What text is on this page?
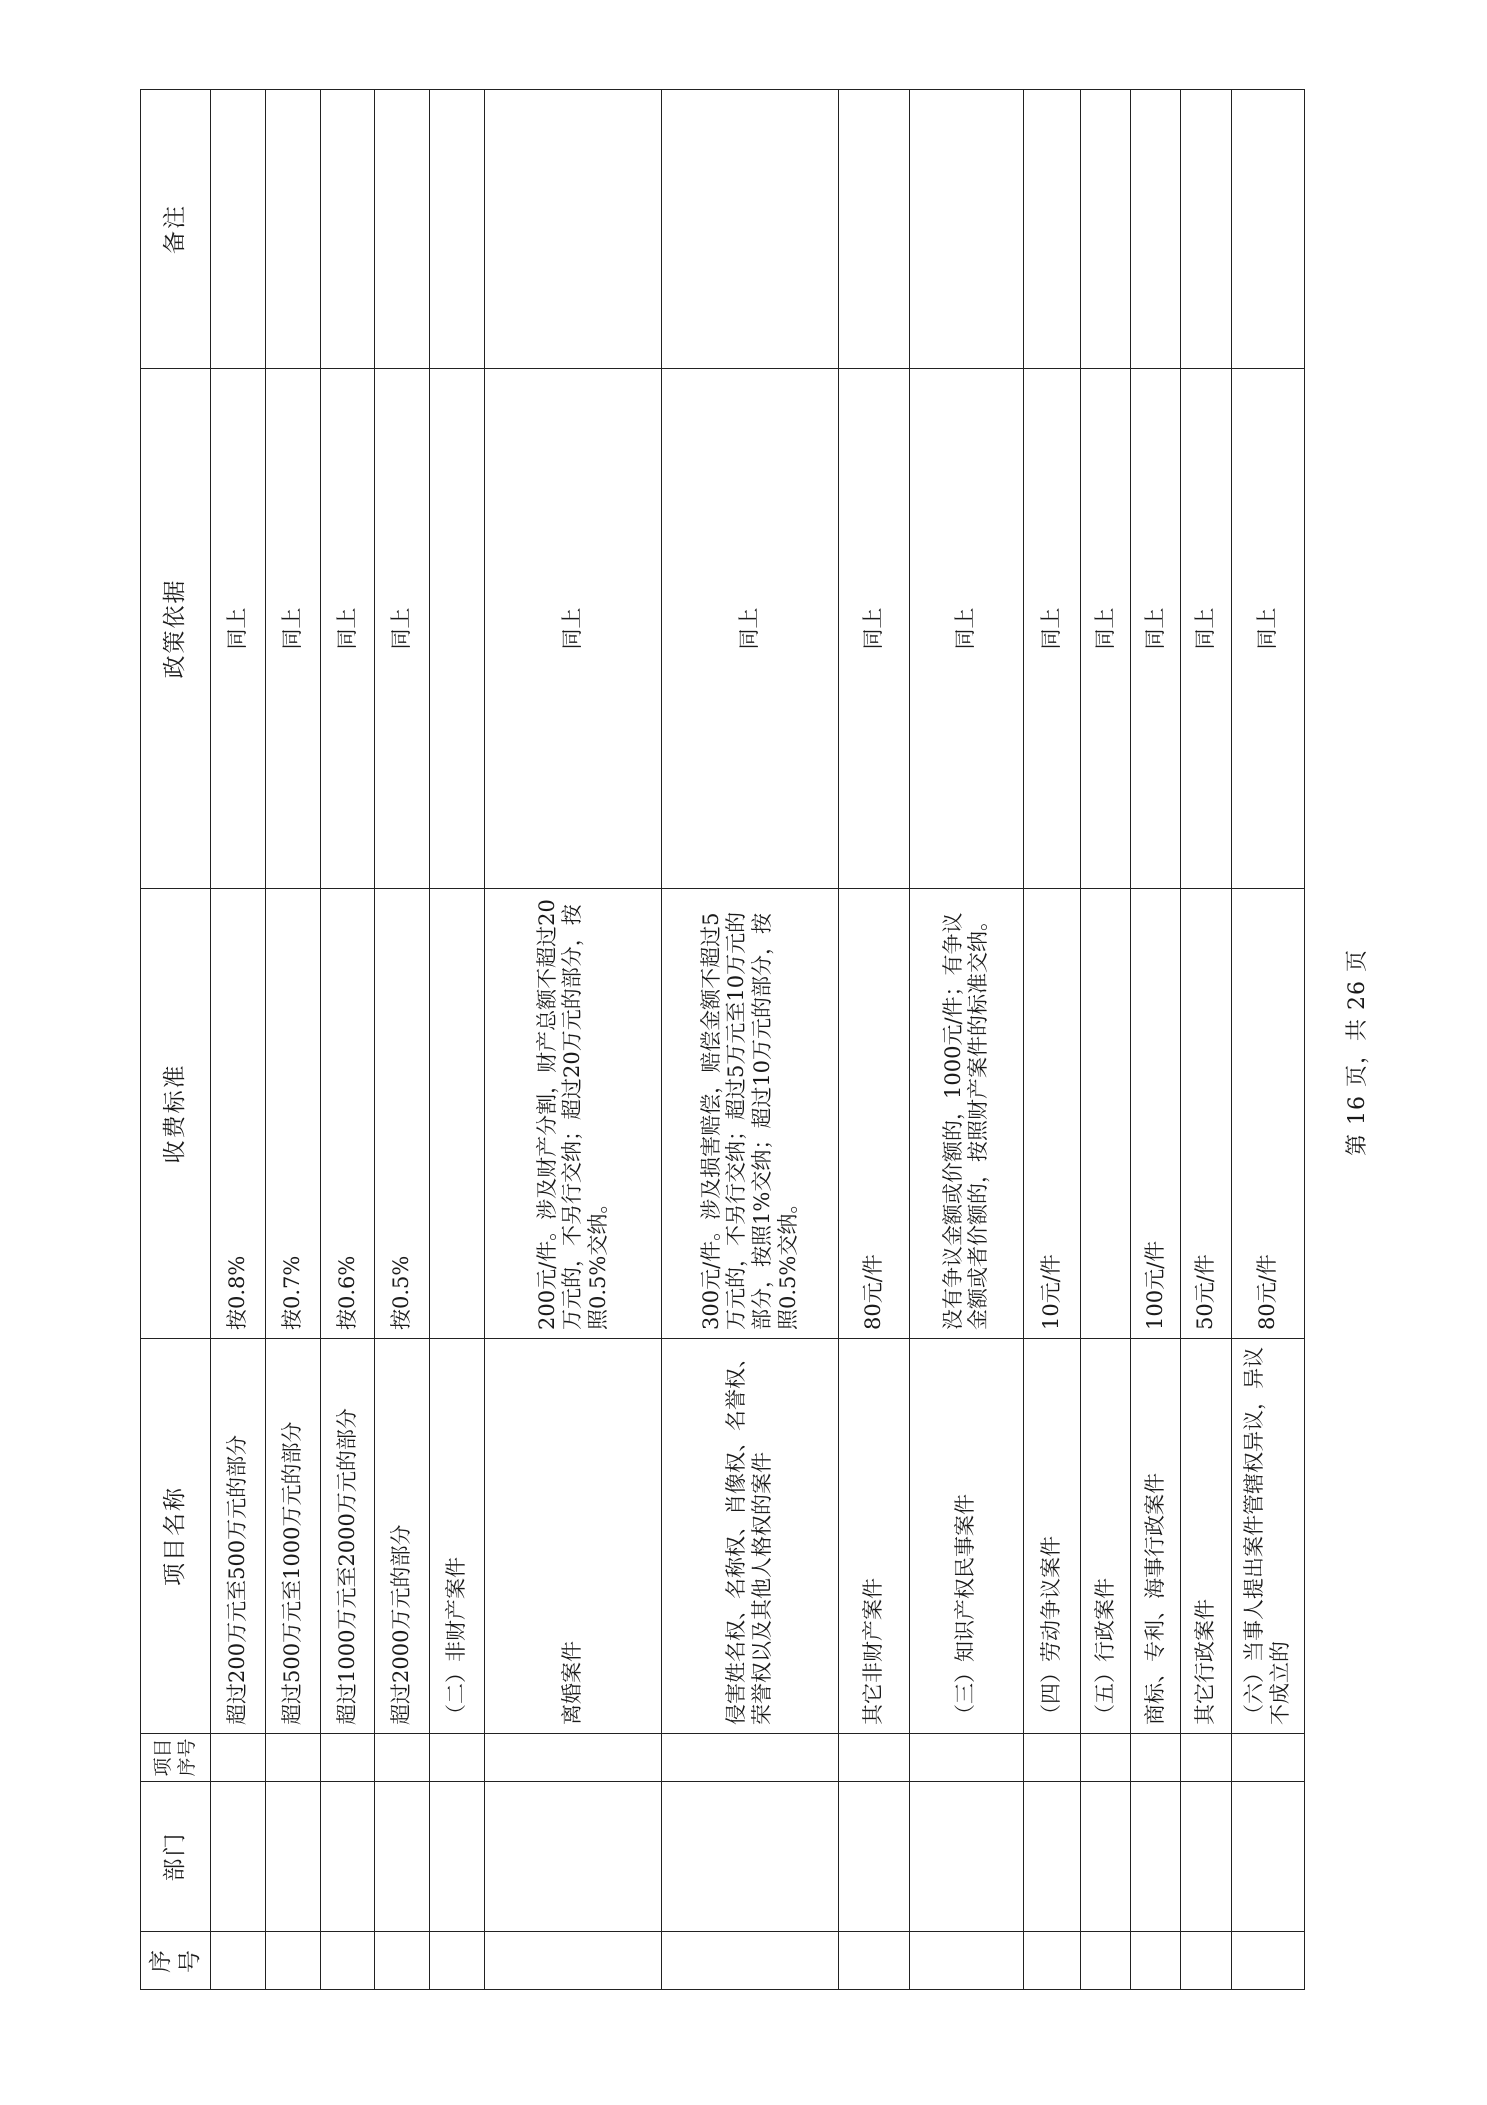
序号	部门	项目序号	项目名称	收费标准	政策依据	备注
			超过200万元至500万元的部分	按0.8%	同上	
			超过500万元至1000万元的部分	按0.7%	同上	
			超过1000万元至2000万元的部分	按0.6%	同上	
			超过2000万元的部分	按0.5%	同上	
			（二）非财产案件			
			离婚案件	200元/件。涉及财产分割，财产总额不超过20万元的，不另行交纳；超过20万元的部分，按照0.5%交纳。	同上	
			侵害姓名权、名称权、肖像权、名誉权、荣誉权以及其他人格权的案件	300元/件。涉及损害赔偿，赔偿金额不超过5万元的，不另行交纳；超过5万元至10万元的部分，按照1%交纳；超过10万元的部分，按照0.5%交纳。	同上	
			其它非财产案件	80元/件	同上	
			（三）知识产权民事案件	没有争议金额或价额的，1000元/件；有争议金额或者价额的，按照财产案件的标准交纳。	同上	
			（四）劳动争议案件	10元/件	同上	
			（五）行政案件		同上	
			商标、专利、海事行政案件	100元/件	同上	
			其它行政案件	50元/件	同上	
			（六）当事人提出案件管辖权异议，异议不成立的	80元/件	同上	
第 16 页，共 26 页
